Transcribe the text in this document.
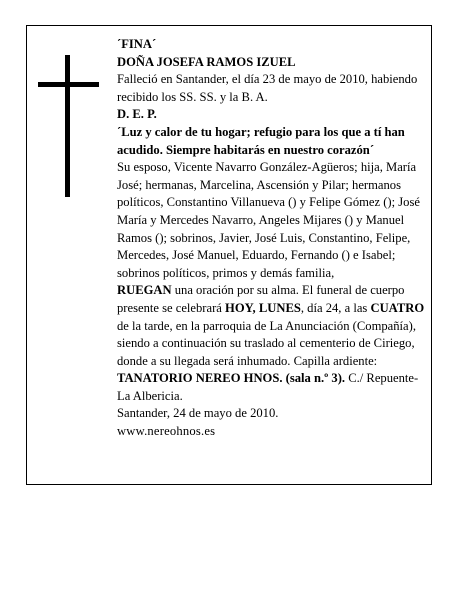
´FINA´

DOÑA JOSEFA RAMOS IZUEL

Falleció en Santander, el día 23 de mayo de 2010, habiendo recibido los SS. SS. y la B. A.

D. E. P.

´Luz y calor de tu hogar; refugio para los que a tí han acudido. Siempre habitarás en nuestro corazón´

Su esposo, Vicente Navarro González-Agüeros; hija, María José; hermanas, Marcelina, Ascensión y Pilar; hermanos políticos, Constantino Villanueva () y Felipe Gómez (); José María y Mercedes Navarro, Angeles Mijares () y Manuel Ramos (); sobrinos, Javier, José Luis, Constantino, Felipe, Mercedes, José Manuel, Eduardo, Fernando () e Isabel; sobrinos políticos, primos y demás familia,

RUEGAN una oración por su alma. El funeral de cuerpo presente se celebrará HOY, LUNES, día 24, a las CUATRO de la tarde, en la parroquia de La Anunciación (Compañía), siendo a continuación su traslado al cementerio de Ciriego, donde a su llegada será inhumado. Capilla ardiente: TANATORIO NEREO HNOS. (sala n.º 3). C./ Repuente-La Albericia.

Santander, 24 de mayo de 2010.

www.nereohnos.es
